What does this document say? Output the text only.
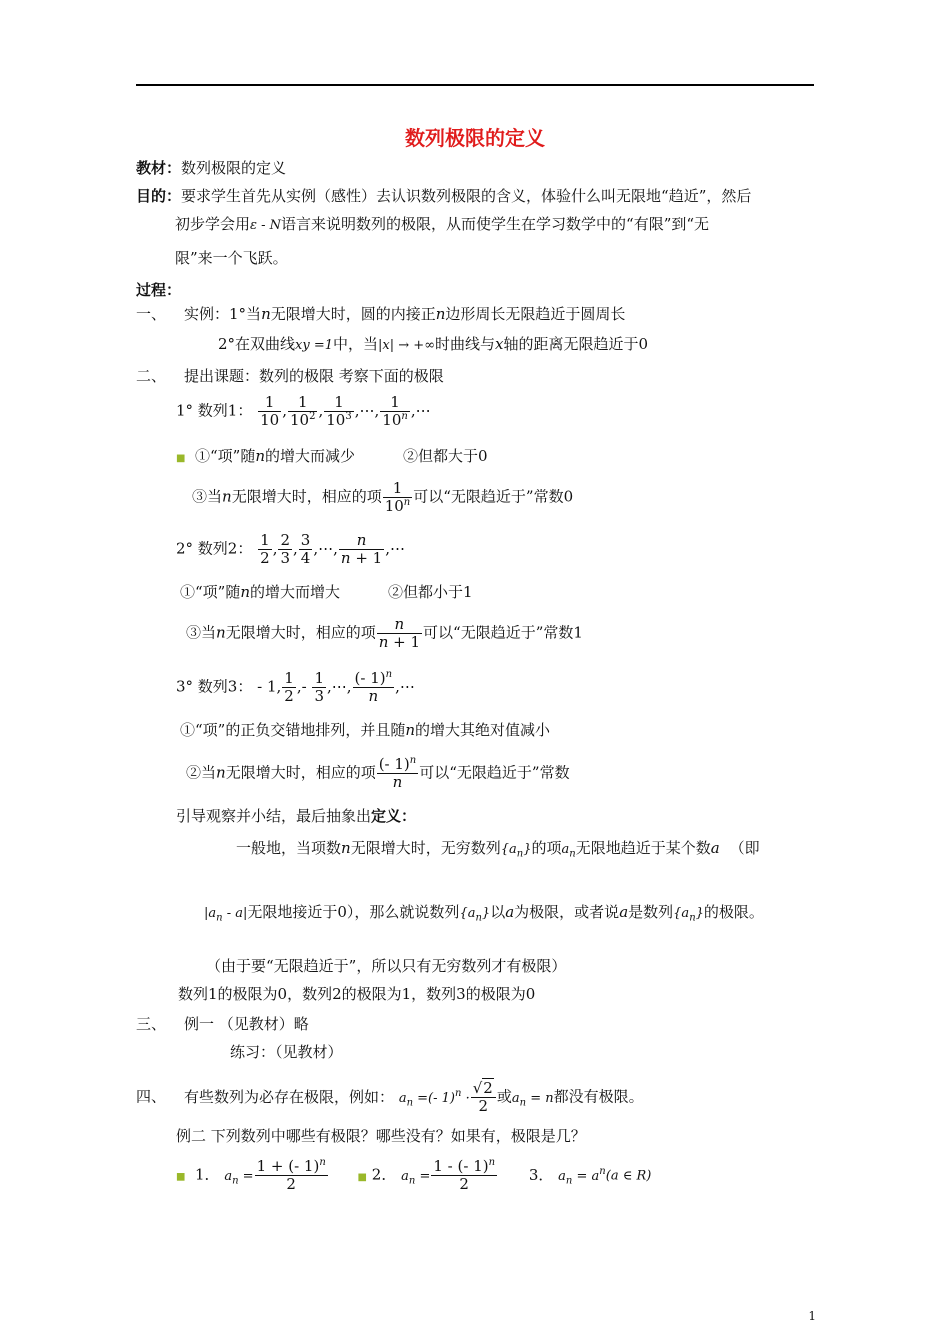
数列极限的定义
教材：数列极限的定义
目的：要求学生首先从实例（感性）去认识数列极限的含义，体验什么叫无限地“趋近”，然后
初步学会用ε - N语言来说明数列的极限，从而使学生在学习数学中的“有限”到“无
限”来一个飞跃。
过程：
一、 实例：1°当n无限增大时，圆的内接正n边形周长无限趋近于圆周长
2°在双曲线xy =1中，当|x| → +∞时曲线与x轴的距离无限趋近于0
二、 提出课题：数列的极限 考察下面的极限
1° 数列1： $\frac{1}{10}$ , $\frac{1}{10^2}$ , $\frac{1}{10^3}$ ,⋯, $\frac{1}{10^n}$ ,⋯
■ ①“项”随n的增大而减少	②但都大于0
③当n无限增大时，相应的项 $\frac{1}{10^n}$ 可以“无限趋近于”常数0
2° 数列2： $\frac{1}{2}$ , $\frac{2}{3}$ , $\frac{3}{4}$ ,⋯, $\frac{n}{n + 1}$ ,⋯
①“项”随n的增大而增大	②但都小于1
③当n无限增大时，相应的项 $\frac{n}{n + 1}$ 可以“无限趋近于”常数1
3° 数列3： - 1, $\frac{1}{2}$ ,- $\frac{1}{3}$ ,⋯, $\frac{(- 1)^n}{n}$ ,⋯
①“项”的正负交错地排列，并且随n的增大其绝对值减小
②当n无限增大时，相应的项 $\frac{(- 1)^n}{n}$ 可以“无限趋近于”常数
引导观察并小结，最后抽象出定义：
一般地，当项数n无限增大时，无穷数列$\{a_n\}$的项$a_n$无限地趋近于某个数a （即
$|a_n - a|$无限地接近于0），那么就说数列$\{a_n\}$以a为极限，或者说a是数列$\{a_n\}$的极限。
（由于要“无限趋近于”，所以只有无穷数列才有极限）
数列1的极限为0，数列2的极限为1，数列3的极限为0
三、 例一 （见教材）略
练习：（见教材）
四、 有些数列为必存在极限，例如： $a_n$ =(- $1)^n \cdot \frac{√2}{2}$ 或$a_n = n$都没有极限。
例二 下列数列中哪些有极限？哪些没有？如果有，极限是几？
■ 1． $a_n = \frac{1 + (- 1)^n}{2}$	■ 2． $a_n = \frac{1 - (- 1)^n}{2} 3$． $a_n = a^n(a$ ∈ R)
1
